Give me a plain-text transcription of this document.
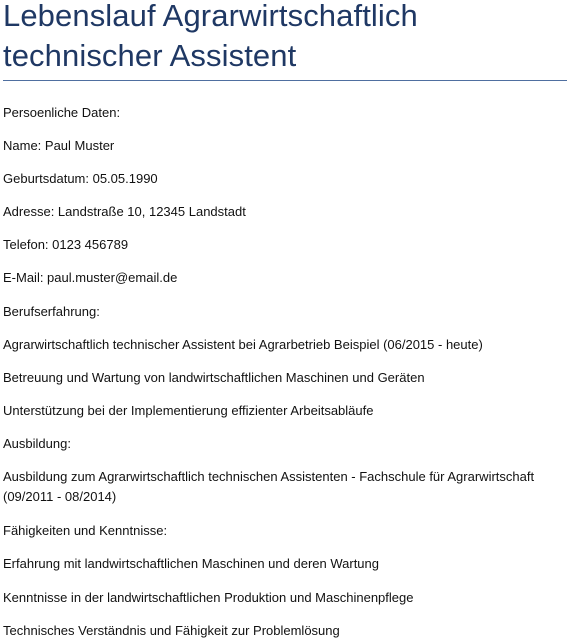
Lebenslauf Agrarwirtschaftlich technischer Assistent

Persoenliche Daten:

Name: Paul Muster

Geburtsdatum: 05.05.1990

Adresse: Landstraße 10, 12345 Landstadt

Telefon: 0123 456789

E-Mail: paul.muster@email.de

Berufserfahrung:

Agrarwirtschaftlich technischer Assistent bei Agrarbetrieb Beispiel (06/2015 - heute)

Betreuung und Wartung von landwirtschaftlichen Maschinen und Geräten

Unterstützung bei der Implementierung effizienter Arbeitsabläufe

Ausbildung:

Ausbildung zum Agrarwirtschaftlich technischen Assistenten - Fachschule für Agrarwirtschaft (09/2011 - 08/2014)

Fähigkeiten und Kenntnisse:

Erfahrung mit landwirtschaftlichen Maschinen und deren Wartung

Kenntnisse in der landwirtschaftlichen Produktion und Maschinenpflege

Technisches Verständnis und Fähigkeit zur Problemlösung
